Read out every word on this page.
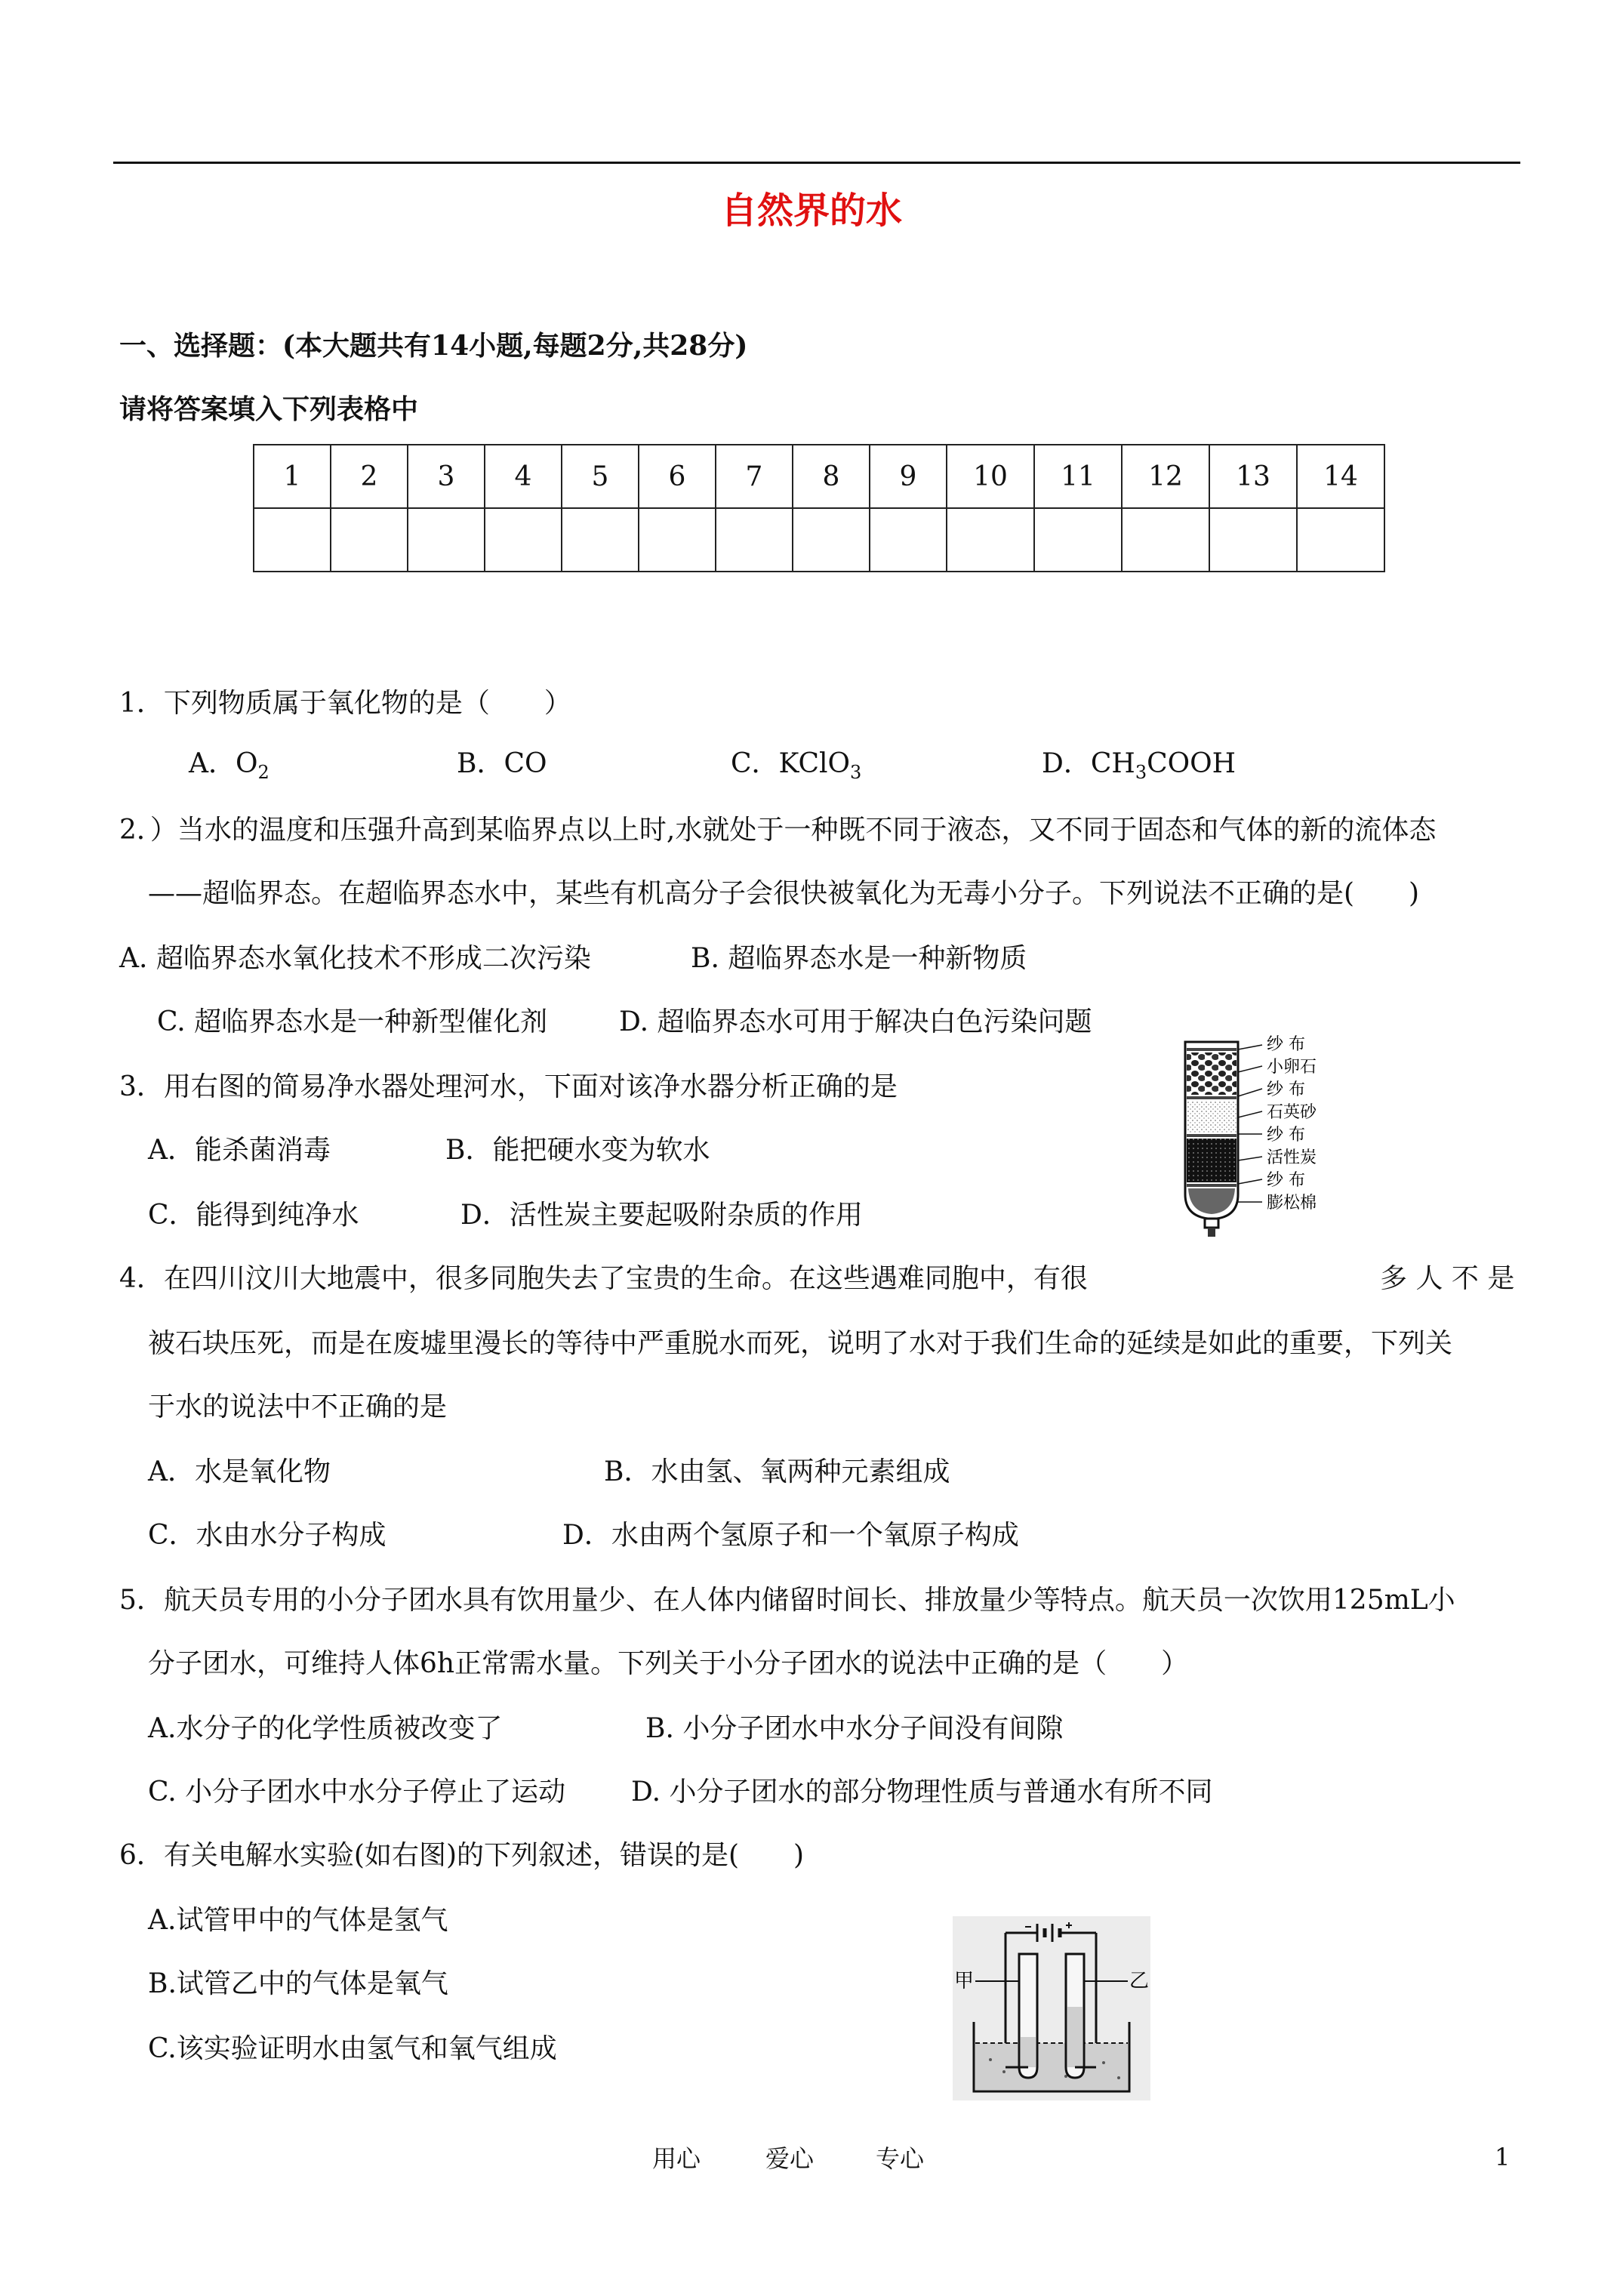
自然界的水
一、选择题：(本大题共有14小题,每题2分,共28分)
请将答案填入下列表格中
1	2	3	4	5	6	7	8	9	10	11	12	13	14

1．下列物质属于氧化物的是（　　）
A．$O_2$	B．CO	C．KClO$_3$	D．$CH_3COOH$
2．）当水的温度和压强升高到某临界点以上时,水就处于一种既不同于液态，又不同于固态和气体的新的流体态
——超临界态。在超临界态水中，某些有机高分子会很快被氧化为无毒小分子。下列说法不正确的是(　　)
A. 超临界态水氧化技术不形成二次污染	B. 超临界态水是一种新物质
C. 超临界态水是一种新型催化剂	D. 超临界态水可用于解决白色污染问题
3．用右图的简易净水器处理河水，下面对该净水器分析正确的是
A．能杀菌消毒	B．能把硬水变为软水
C．能得到纯净水	D．活性炭主要起吸附杂质的作用
纱 布
小卵石
纱 布
石英砂
纱 布
活性炭
纱 布
膨松棉
4．在四川汶川大地震中，很多同胞失去了宝贵的生命。在这些遇难同胞中，有很	多 人 不 是
被石块压死，而是在废墟里漫长的等待中严重脱水而死，说明了水对于我们生命的延续是如此的重要，下列关
于水的说法中不正确的是
A．水是氧化物	B．水由氢、氧两种元素组成
C．水由水分子构成	D．水由两个氢原子和一个氧原子构成
5．航天员专用的小分子团水具有饮用量少、在人体内储留时间长、排放量少等特点。航天员一次饮用125mL小
分子团水，可维持人体6h正常需水量。下列关于小分子团水的说法中正确的是（　　）
A.水分子的化学性质被改变了	B. 小分子团水中水分子间没有间隙
C. 小分子团水中水分子停止了运动 D. 小分子团水的部分物理性质与普通水有所不同
6．有关电解水实验(如右图)的下列叙述，错误的是(　　)
A.试管甲中的气体是氢气
B.试管乙中的气体是氧气
C.该实验证明水由氢气和氧气组成
甲	乙
用心	爱心	专心	1
